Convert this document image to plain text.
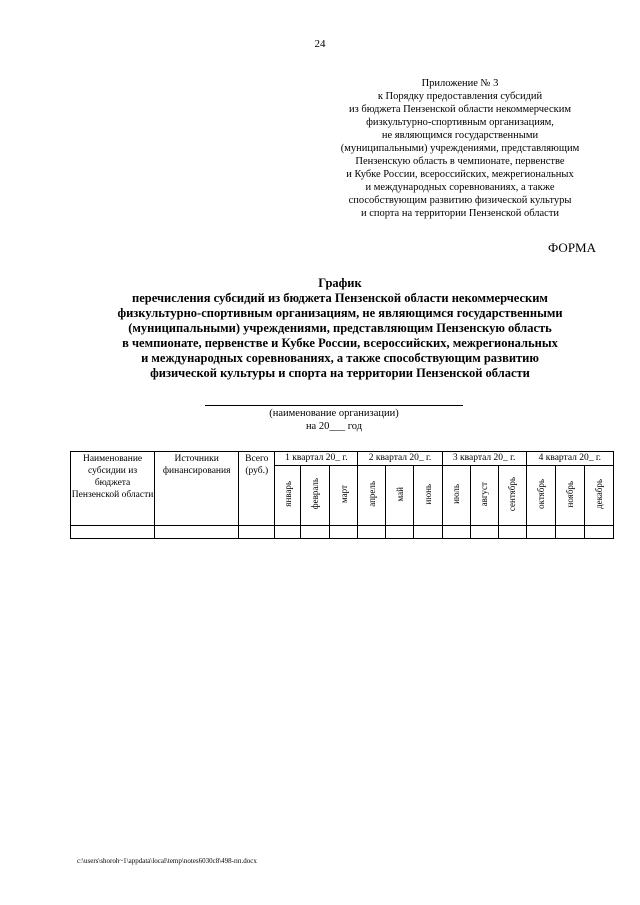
24
Приложение № 3
к Порядку предоставления субсидий
из бюджета Пензенской области некоммерческим
физкультурно-спортивным организациям,
не являющимся государственными
(муниципальными) учреждениями, представляющим
Пензенскую область в чемпионате, первенстве
и Кубке России, всероссийских, межрегиональных
и международных соревнованиях, а также
способствующим развитию физической культуры
и спорта на территории Пензенской области
ФОРМА
График
перечисления субсидий из бюджета Пензенской области некоммерческим
физкультурно-спортивным организациям, не являющимся государственными
(муниципальными) учреждениями, представляющим Пензенскую область
в чемпионате, первенстве и Кубке России, всероссийских, межрегиональных
и международных соревнованиях, а также способствующим развитию
физической культуры и спорта на территории Пензенской области
(наименование организации)
на 20___ год
Наименование субсидии из бюджета Пензенской области	Источники финансирования	Всего (руб.)	1 квартал 20_ г.			2 квартал 20_ г.			3 квартал 20_ г.			4 квартал 20_ г.		
			январь	февраль	март	апрель	май	июнь	июль	август	сентябрь	октябрь	ноябрь	декабрь

c:\users\shoroh~1\appdata\local\temp\notes6030c8\498-пп.docx
